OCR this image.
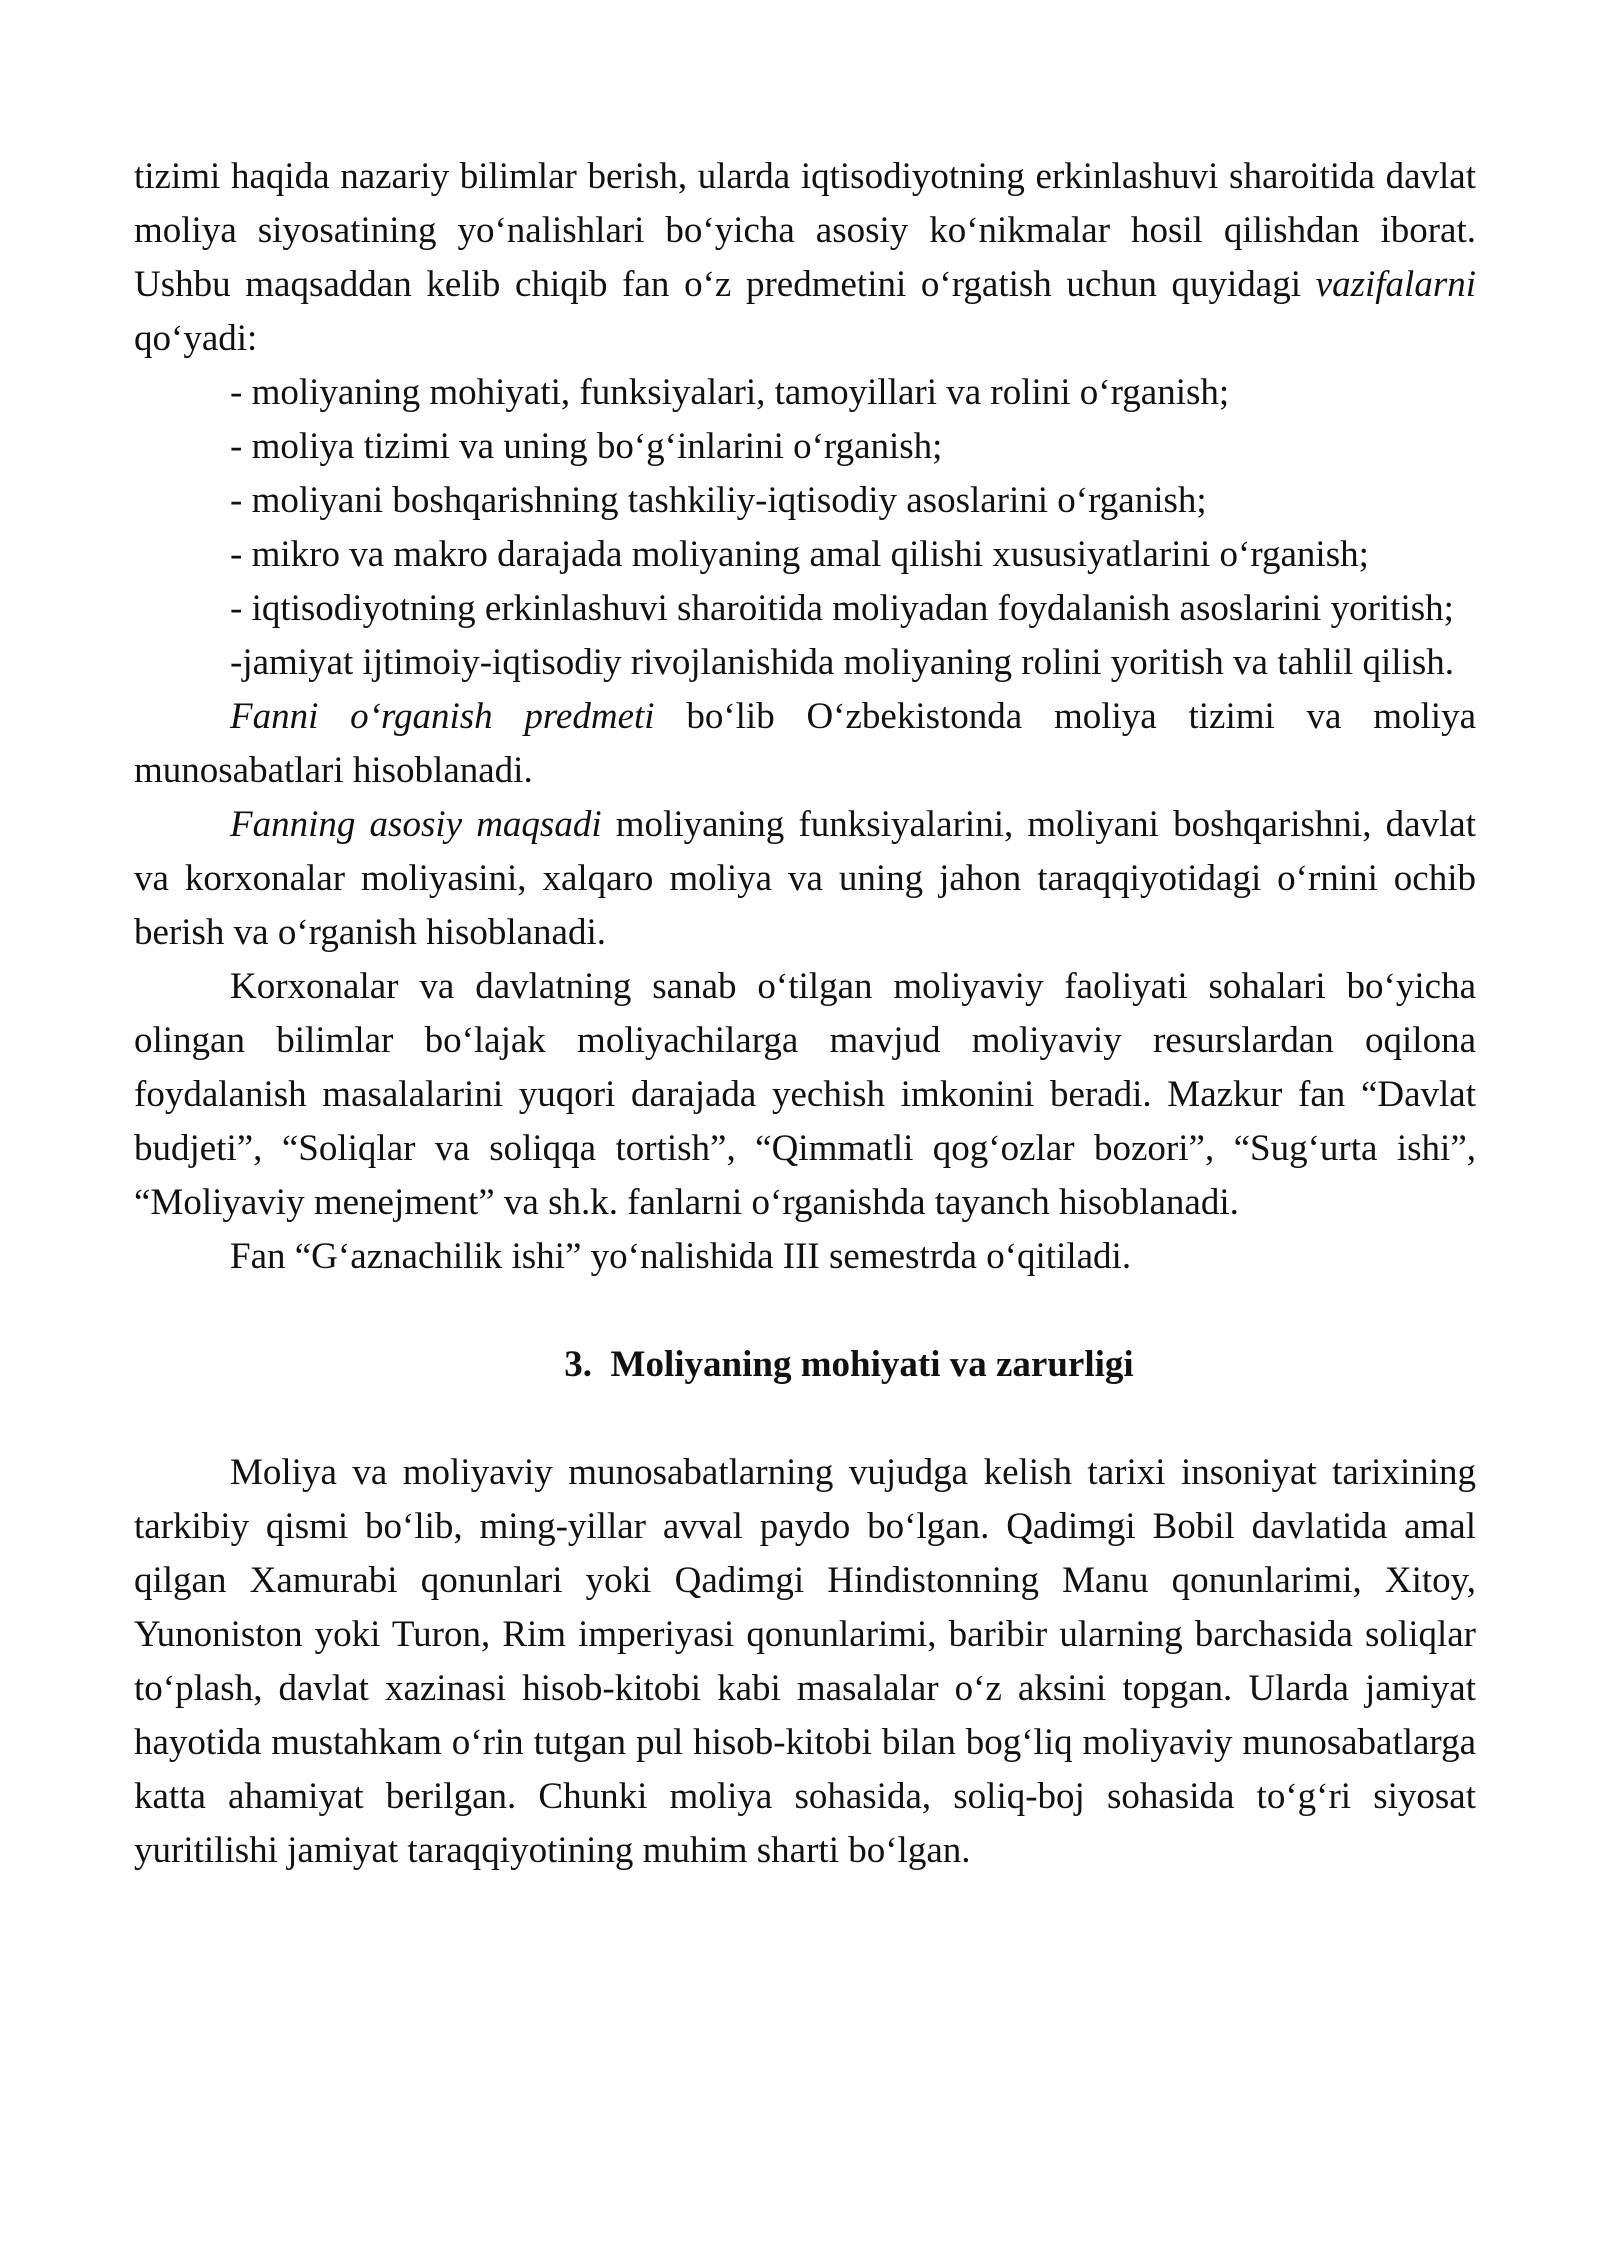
tizimi haqida nazariy bilimlar berish, ularda iqtisodiyotning erkinlashuvi sharoitida davlat moliya siyosatining yo‘nalishlari bo‘yicha asosiy ko‘nikmalar hosil qilishdan iborat. Ushbu maqsaddan kelib chiqib fan o‘z predmetini o‘rgatish uchun quyidagi vazifalarni qo‘yadi:

- moliyaning mohiyati, funksiyalari, tamoyillari va rolini o‘rganish;

- moliya tizimi va uning bo‘g‘inlarini o‘rganish;

- moliyani boshqarishning tashkiliy-iqtisodiy asoslarini o‘rganish;

- mikro va makro darajada moliyaning amal qilishi xususiyatlarini o‘rganish;

- iqtisodiyotning erkinlashuvi sharoitida moliyadan foydalanish asoslarini yoritish;

-jamiyat ijtimoiy-iqtisodiy rivojlanishida moliyaning rolini yoritish va tahlil qilish.

Fanni o‘rganish predmeti bo‘lib O‘zbekistonda moliya tizimi va moliya munosabatlari hisoblanadi.

Fanning asosiy maqsadi moliyaning funksiyalarini, moliyani boshqarishni, davlat va korxonalar moliyasini, xalqaro moliya va uning jahon taraqqiyotidagi o‘rnini ochib berish va o‘rganish hisoblanadi.

Korxonalar va davlatning sanab o‘tilgan moliyaviy faoliyati sohalari bo‘yicha olingan bilimlar bo‘lajak moliyachilarga mavjud moliyaviy resurslardan oqilona foydalanish masalalarini yuqori darajada yechish imkonini beradi. Mazkur fan “Davlat budjeti”, “Soliqlar va soliqqa tortish”, “Qimmatli qog‘ozlar bozori”, “Sug‘urta ishi”, “Moliyaviy menejment” va sh.k. fanlarni o‘rganishda tayanch hisoblanadi.

Fan “G‘aznachilik ishi” yo‘nalishida III semestrda o‘qitiladi.

3. Moliyaning mohiyati va zarurligi

Moliya va moliyaviy munosabatlarning vujudga kelish tarixi insoniyat tarixining tarkibiy qismi bo‘lib, ming-yillar avval paydo bo‘lgan. Qadimgi Bobil davlatida amal qilgan Xamurabi qonunlari yoki Qadimgi Hindistonning Manu qonunlarimi, Xitoy, Yunoniston yoki Turon, Rim imperiyasi qonunlarimi, baribir ularning barchasida soliqlar to‘plash, davlat xazinasi hisob-kitobi kabi masalalar o‘z aksini topgan. Ularda jamiyat hayotida mustahkam o‘rin tutgan pul hisob-kitobi bilan bog‘liq moliyaviy munosabatlarga katta ahamiyat berilgan. Chunki moliya sohasida, soliq-boj sohasida to‘g‘ri siyosat yuritilishi jamiyat taraqqiyotining muhim sharti bo‘lgan.
